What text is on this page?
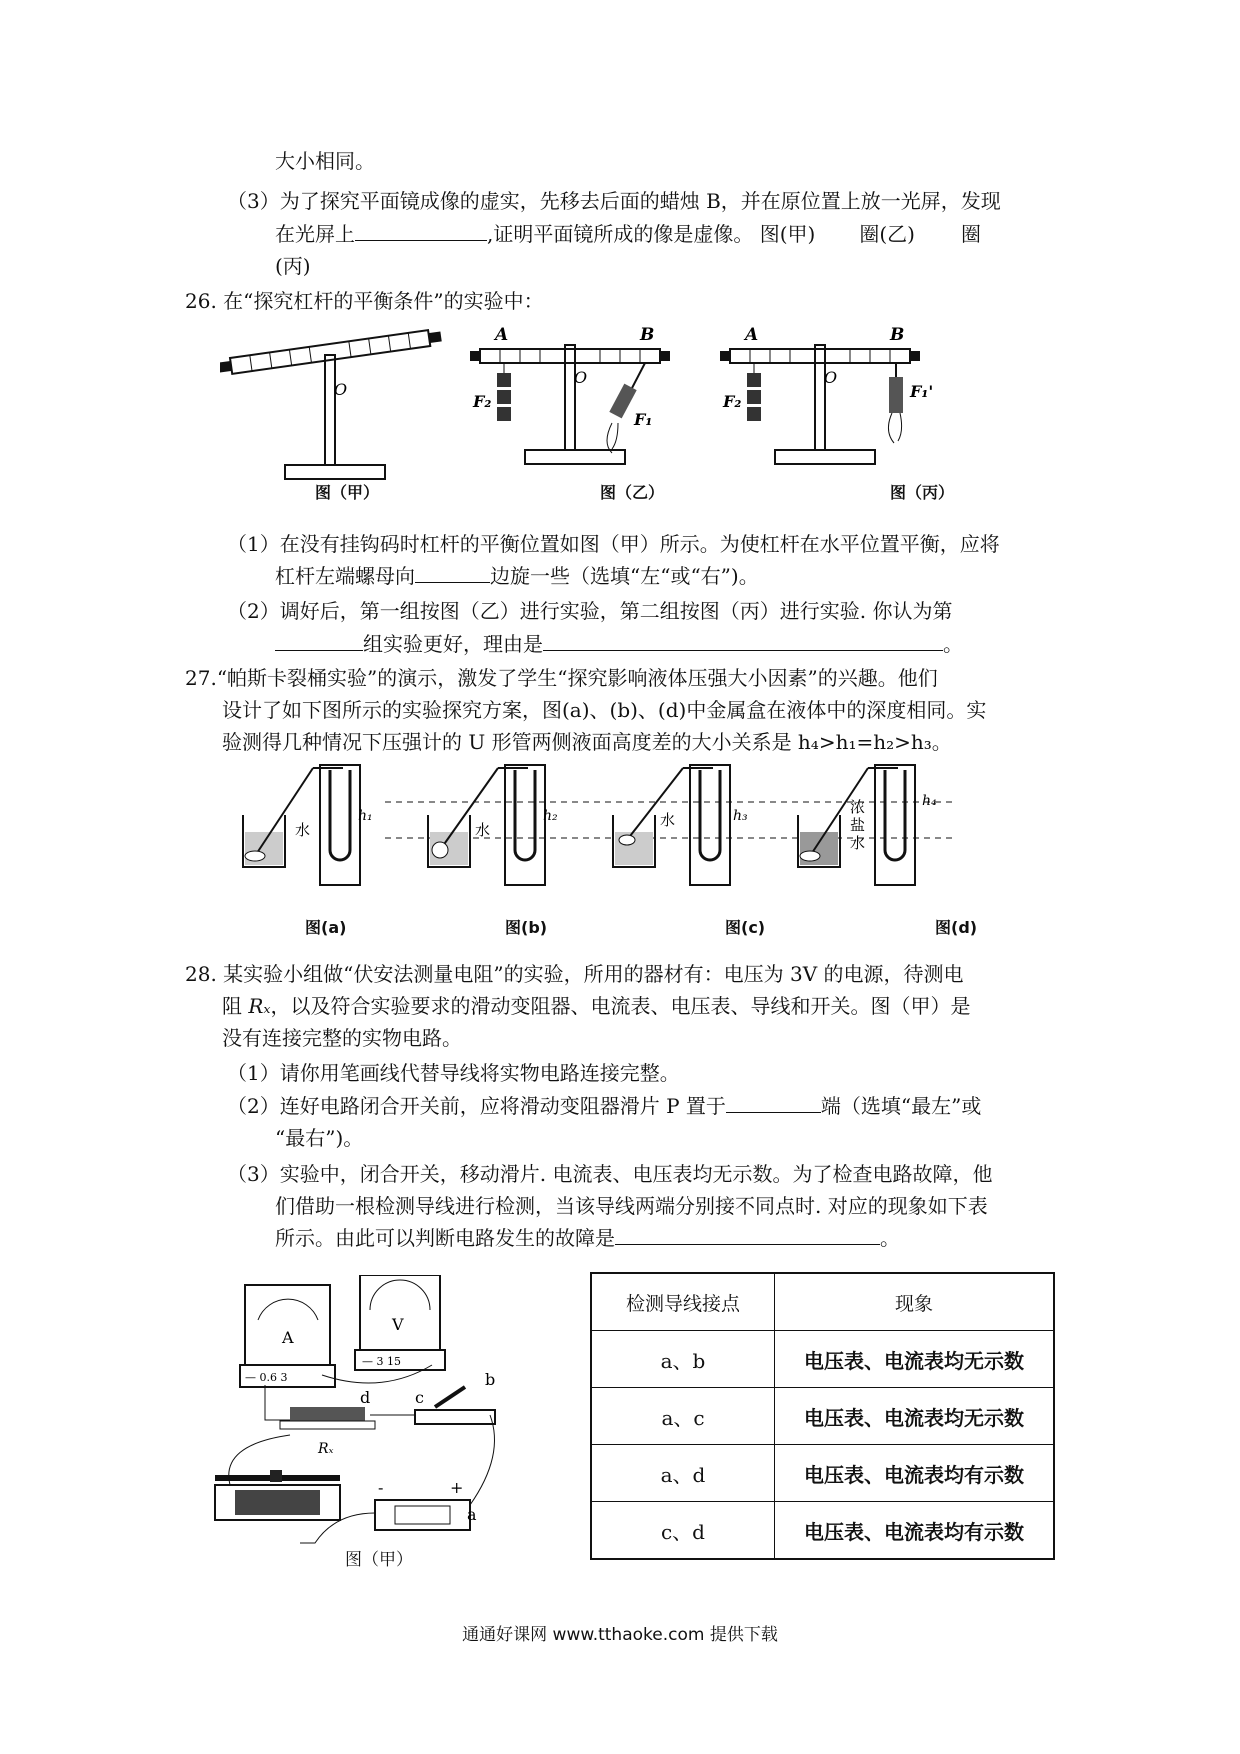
大小相同。
（3）为了探究平面镜成像的虚实，先移去后面的蜡烛 B，并在原位置上放一光屏，发现
在光屏上	,证明平面镜所成的像是虚像。 图(甲) 圈(乙) 圈
(丙)
26. 在“探究杠杆的平衡条件”的实验中：
O
A	B
O
F₂
F₁
A	B
O
F₂
F₁'
图（甲）	图（乙）	图（丙）
（1）在没有挂钩码时杠杆的平衡位置如图（甲）所示。为使杠杆在水平位置平衡，应将
杠杆左端螺母向	边旋一些（选填“左“或“右”)。
（2）调好后，第一组按图（乙）进行实验，第二组按图（丙）进行实验. 你认为第
组实验更好，理由是	。
27.“帕斯卡裂桶实验”的演示，激发了学生“探究影响液体压强大小因素”的兴趣。他们
设计了如下图所示的实验探究方案，图(a)、(b)、(d)中金属盒在液体中的深度相同。实
验测得几种情况下压强计的 U 形管两侧液面高度差的大小关系是 h₄>h₁=h₂>h₃。
水
h₁
水
h₂	水	h₃	浓
盐
水
h₄
图(a)	图(b)	图(c)	图(d)
28. 某实验小组做“伏安法测量电阻”的实验，所用的器材有：电压为 3V 的电源，待测电
阻 Rₓ，以及符合实验要求的滑动变阻器、电流表、电压表、导线和开关。图（甲）是
没有连接完整的实物电路。
（1）请你用笔画线代替导线将实物电路连接完整。
（2）连好电路闭合开关前，应将滑动变阻器滑片 P 置于	端（选填“最左”或
“最右”)。
（3）实验中，闭合开关，移动滑片. 电流表、电压表均无示数。为了检查电路故障，他
们借助一根检测导线进行检测，当该导线两端分别接不同点时. 对应的现象如下表
所示。由此可以判断电路发生的故障是	。
A
— 0.6 3
V
— 3 15
Rₓ
d	c
b
-	+
a
图（甲）
检测导线接点	现象
a、b	电压表、电流表均无示数
a、c	电压表、电流表均无示数
a、d	电压表、电流表均有示数
c、d	电压表、电流表均有示数
通通好课网 www.tthaoke.com 提供下载
